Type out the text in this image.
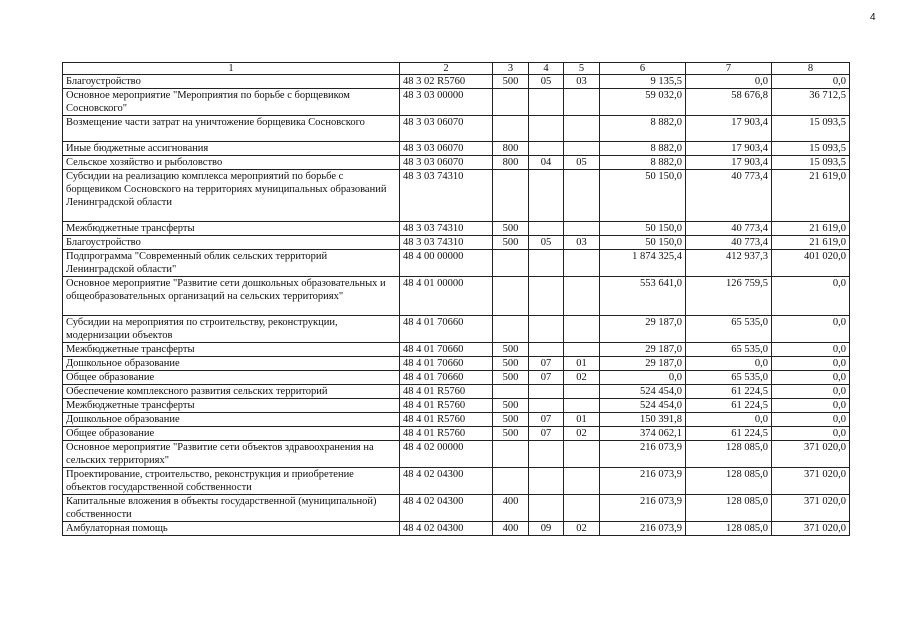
4
1	2	3	4	5	6	7	8
Благоустройство	48 3 02 R5760	500	05	03	9 135,5	0,0	0,0
Основное мероприятие "Мероприятия по борьбе с борщевиком Сосновского"	48 3 03 00000				59 032,0	58 676,8	36 712,5
Возмещение части затрат на уничтожение борщевика Сосновского	48 3 03 06070				8 882,0	17 903,4	15 093,5
Иные бюджетные ассигнования	48 3 03 06070	800			8 882,0	17 903,4	15 093,5
Сельское хозяйство и рыболовство	48 3 03 06070	800	04	05	8 882,0	17 903,4	15 093,5
Субсидии на реализацию комплекса мероприятий по борьбе с борщевиком Сосновского на территориях муниципальных образований Ленинградской области	48 3 03 74310				50 150,0	40 773,4	21 619,0
Межбюджетные трансферты	48 3 03 74310	500			50 150,0	40 773,4	21 619,0
Благоустройство	48 3 03 74310	500	05	03	50 150,0	40 773,4	21 619,0
Подпрограмма "Современный облик сельских территорий Ленинградской области"	48 4 00 00000				1 874 325,4	412 937,3	401 020,0
Основное мероприятие "Развитие сети дошкольных образовательных и общеобразовательных организаций на сельских территориях"	48 4 01 00000				553 641,0	126 759,5	0,0
Субсидии на мероприятия по строительству, реконструкции, модернизации объектов	48 4 01 70660				29 187,0	65 535,0	0,0
Межбюджетные трансферты	48 4 01 70660	500			29 187,0	65 535,0	0,0
Дошкольное образование	48 4 01 70660	500	07	01	29 187,0	0,0	0,0
Общее образование	48 4 01 70660	500	07	02	0,0	65 535,0	0,0
Обеспечение комплексного развития сельских территорий	48 4 01 R5760				524 454,0	61 224,5	0,0
Межбюджетные трансферты	48 4 01 R5760	500			524 454,0	61 224,5	0,0
Дошкольное образование	48 4 01 R5760	500	07	01	150 391,8	0,0	0,0
Общее образование	48 4 01 R5760	500	07	02	374 062,1	61 224,5	0,0
Основное мероприятие "Развитие сети объектов здравоохранения на сельских территориях"	48 4 02 00000				216 073,9	128 085,0	371 020,0
Проектирование, строительство, реконструкция и приобретение объектов государственной собственности	48 4 02 04300				216 073,9	128 085,0	371 020,0
Капитальные вложения в объекты государственной (муниципальной) собственности	48 4 02 04300	400			216 073,9	128 085,0	371 020,0
Амбулаторная помощь	48 4 02 04300	400	09	02	216 073,9	128 085,0	371 020,0
